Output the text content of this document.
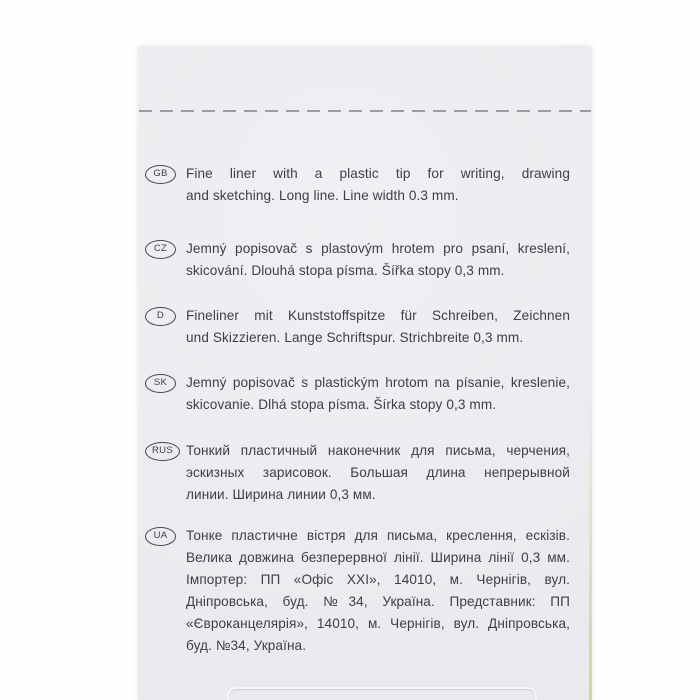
GB	Fine liner with a plastic tip for writing, drawing
and sketching. Long line. Line width 0.3 mm.
CZ	Jemný popisovač s plastovým hrotem pro psaní, kreslení,
skicování. Dlouhá stopa písma. Šířka stopy 0,3 mm.
D	Fineliner mit Kunststoffspitze für Schreiben, Zeichnen
und Skizzieren. Lange Schriftspur. Strichbreite 0,3 mm.
SK	Jemný popisovač s plastickým hrotom na písanie, kreslenie,
skicovanie. Dlhá stopa písma. Šírka stopy 0,3 mm.
RUS Тонкий пластичный наконечник для письма, черчения,
эскизных зарисовок. Большая длина непрерывной
линии. Ширина линии 0,3 мм.
UA	Тонке пластичне вістря для письма, креслення, ескізів.
Велика довжина безперервної лінії. Ширина лінії 0,3 мм.
Імпортер: ПП «Офіс XXI», 14010, м. Чернігів, вул.
Дніпровська, буд. №34, Україна. Представник: ПП
«Євроканцелярія», 14010, м. Чернігів, вул. Дніпровська,
буд. №34, Україна.
